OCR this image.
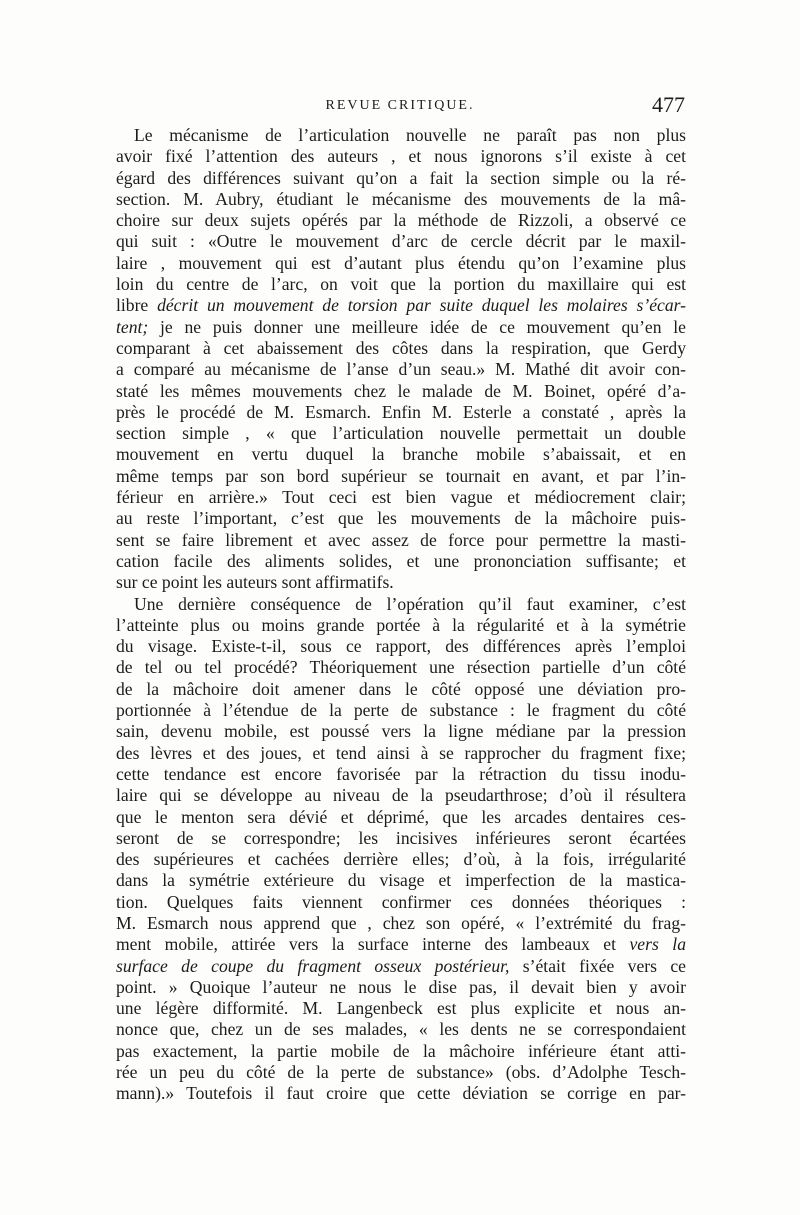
REVUE CRITIQUE.	477
Le mécanisme de l’articulation nouvelle ne paraît pas non plus
avoir fixé l’attention des auteurs , et nous ignorons s’il existe à cet
égard des différences suivant qu’on a fait la section simple ou la ré-
section. M. Aubry, étudiant le mécanisme des mouvements de la mâ-
choire sur deux sujets opérés par la méthode de Rizzoli, a observé ce
qui suit : «Outre le mouvement d’arc de cercle décrit par le maxil-
laire , mouvement qui est d’autant plus étendu qu’on l’examine plus
loin du centre de l’arc, on voit que la portion du maxillaire qui est
libre décrit un mouvement de torsion par suite duquel les molaires s’écar-
tent; je ne puis donner une meilleure idée de ce mouvement qu’en le
comparant à cet abaissement des côtes dans la respiration, que Gerdy
a comparé au mécanisme de l’anse d’un seau.» M. Mathé dit avoir con-
staté les mêmes mouvements chez le malade de M. Boinet, opéré d’a-
près le procédé de M. Esmarch. Enfin M. Esterle a constaté , après la
section simple , « que l’articulation nouvelle permettait un double
mouvement en vertu duquel la branche mobile s’abaissait, et en
même temps par son bord supérieur se tournait en avant, et par l’in-
férieur en arrière.» Tout ceci est bien vague et médiocrement clair;
au reste l’important, c’est que les mouvements de la mâchoire puis-
sent se faire librement et avec assez de force pour permettre la masti-
cation facile des aliments solides, et une prononciation suffisante; et
sur ce point les auteurs sont affirmatifs.
Une dernière conséquence de l’opération qu’il faut examiner, c’est
l’atteinte plus ou moins grande portée à la régularité et à la symétrie
du visage. Existe-t-il, sous ce rapport, des différences après l’emploi
de tel ou tel procédé? Théoriquement une résection partielle d’un côté
de la mâchoire doit amener dans le côté opposé une déviation pro-
portionnée à l’étendue de la perte de substance : le fragment du côté
sain, devenu mobile, est poussé vers la ligne médiane par la pression
des lèvres et des joues, et tend ainsi à se rapprocher du fragment fixe;
cette tendance est encore favorisée par la rétraction du tissu inodu-
laire qui se développe au niveau de la pseudarthrose; d’où il résultera
que le menton sera dévié et déprimé, que les arcades dentaires ces-
seront de se correspondre; les incisives inférieures seront écartées
des supérieures et cachées derrière elles; d’où, à la fois, irrégularité
dans la symétrie extérieure du visage et imperfection de la mastica-
tion. Quelques faits viennent confirmer ces données théoriques :
M. Esmarch nous apprend que , chez son opéré, « l’extrémité du frag-
ment mobile, attirée vers la surface interne des lambeaux et vers la
surface de coupe du fragment osseux postérieur, s’était fixée vers ce
point. » Quoique l’auteur ne nous le dise pas, il devait bien y avoir
une légère difformité. M. Langenbeck est plus explicite et nous an-
nonce que, chez un de ses malades, « les dents ne se correspondaient
pas exactement, la partie mobile de la mâchoire inférieure étant atti-
rée un peu du côté de la perte de substance» (obs. d’Adolphe Tesch-
mann).» Toutefois il faut croire que cette déviation se corrige en par-
